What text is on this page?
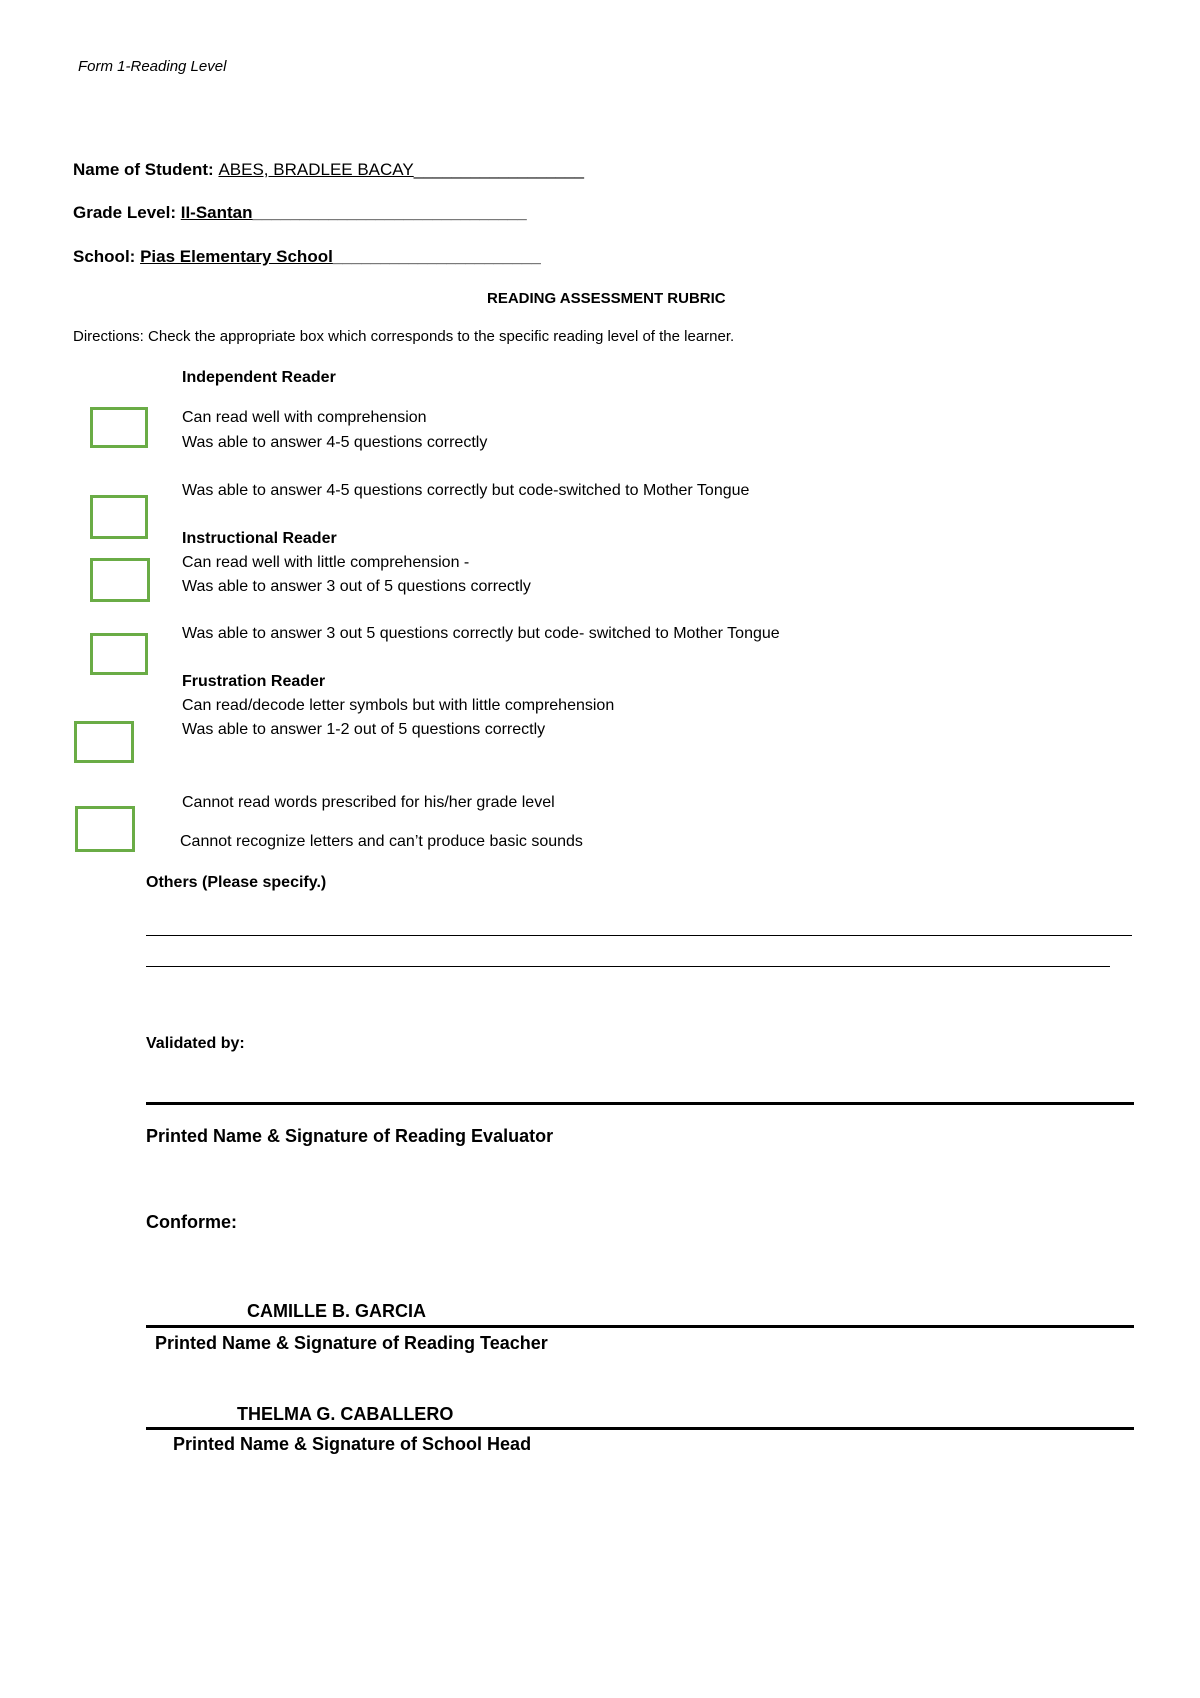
Form 1-Reading Level
Name of Student: ABES, BRADLEE BACAY__________________
Grade Level: II-Santan_____________________________
School: Pias Elementary School______________________
READING ASSESSMENT RUBRIC
Directions: Check the appropriate box which corresponds to the specific reading level of the learner.
Independent Reader
Can read well with comprehension
Was able to answer 4-5 questions correctly
Was able to answer 4-5 questions correctly but code-switched to Mother Tongue
Instructional Reader
Can read well with little comprehension -
Was able to answer 3 out of 5 questions correctly
Was able to answer 3 out 5 questions correctly but code- switched to Mother Tongue
Frustration Reader
Can read/decode letter symbols but with little comprehension
Was able to answer 1-2 out of 5 questions correctly
Cannot read words prescribed for his/her grade level
Cannot recognize letters and can’t produce basic sounds
Others (Please specify.)
Validated by:
Printed Name & Signature of Reading Evaluator
Conforme:
CAMILLE B. GARCIA
Printed Name & Signature of Reading Teacher
THELMA G. CABALLERO
Printed Name & Signature of School Head
